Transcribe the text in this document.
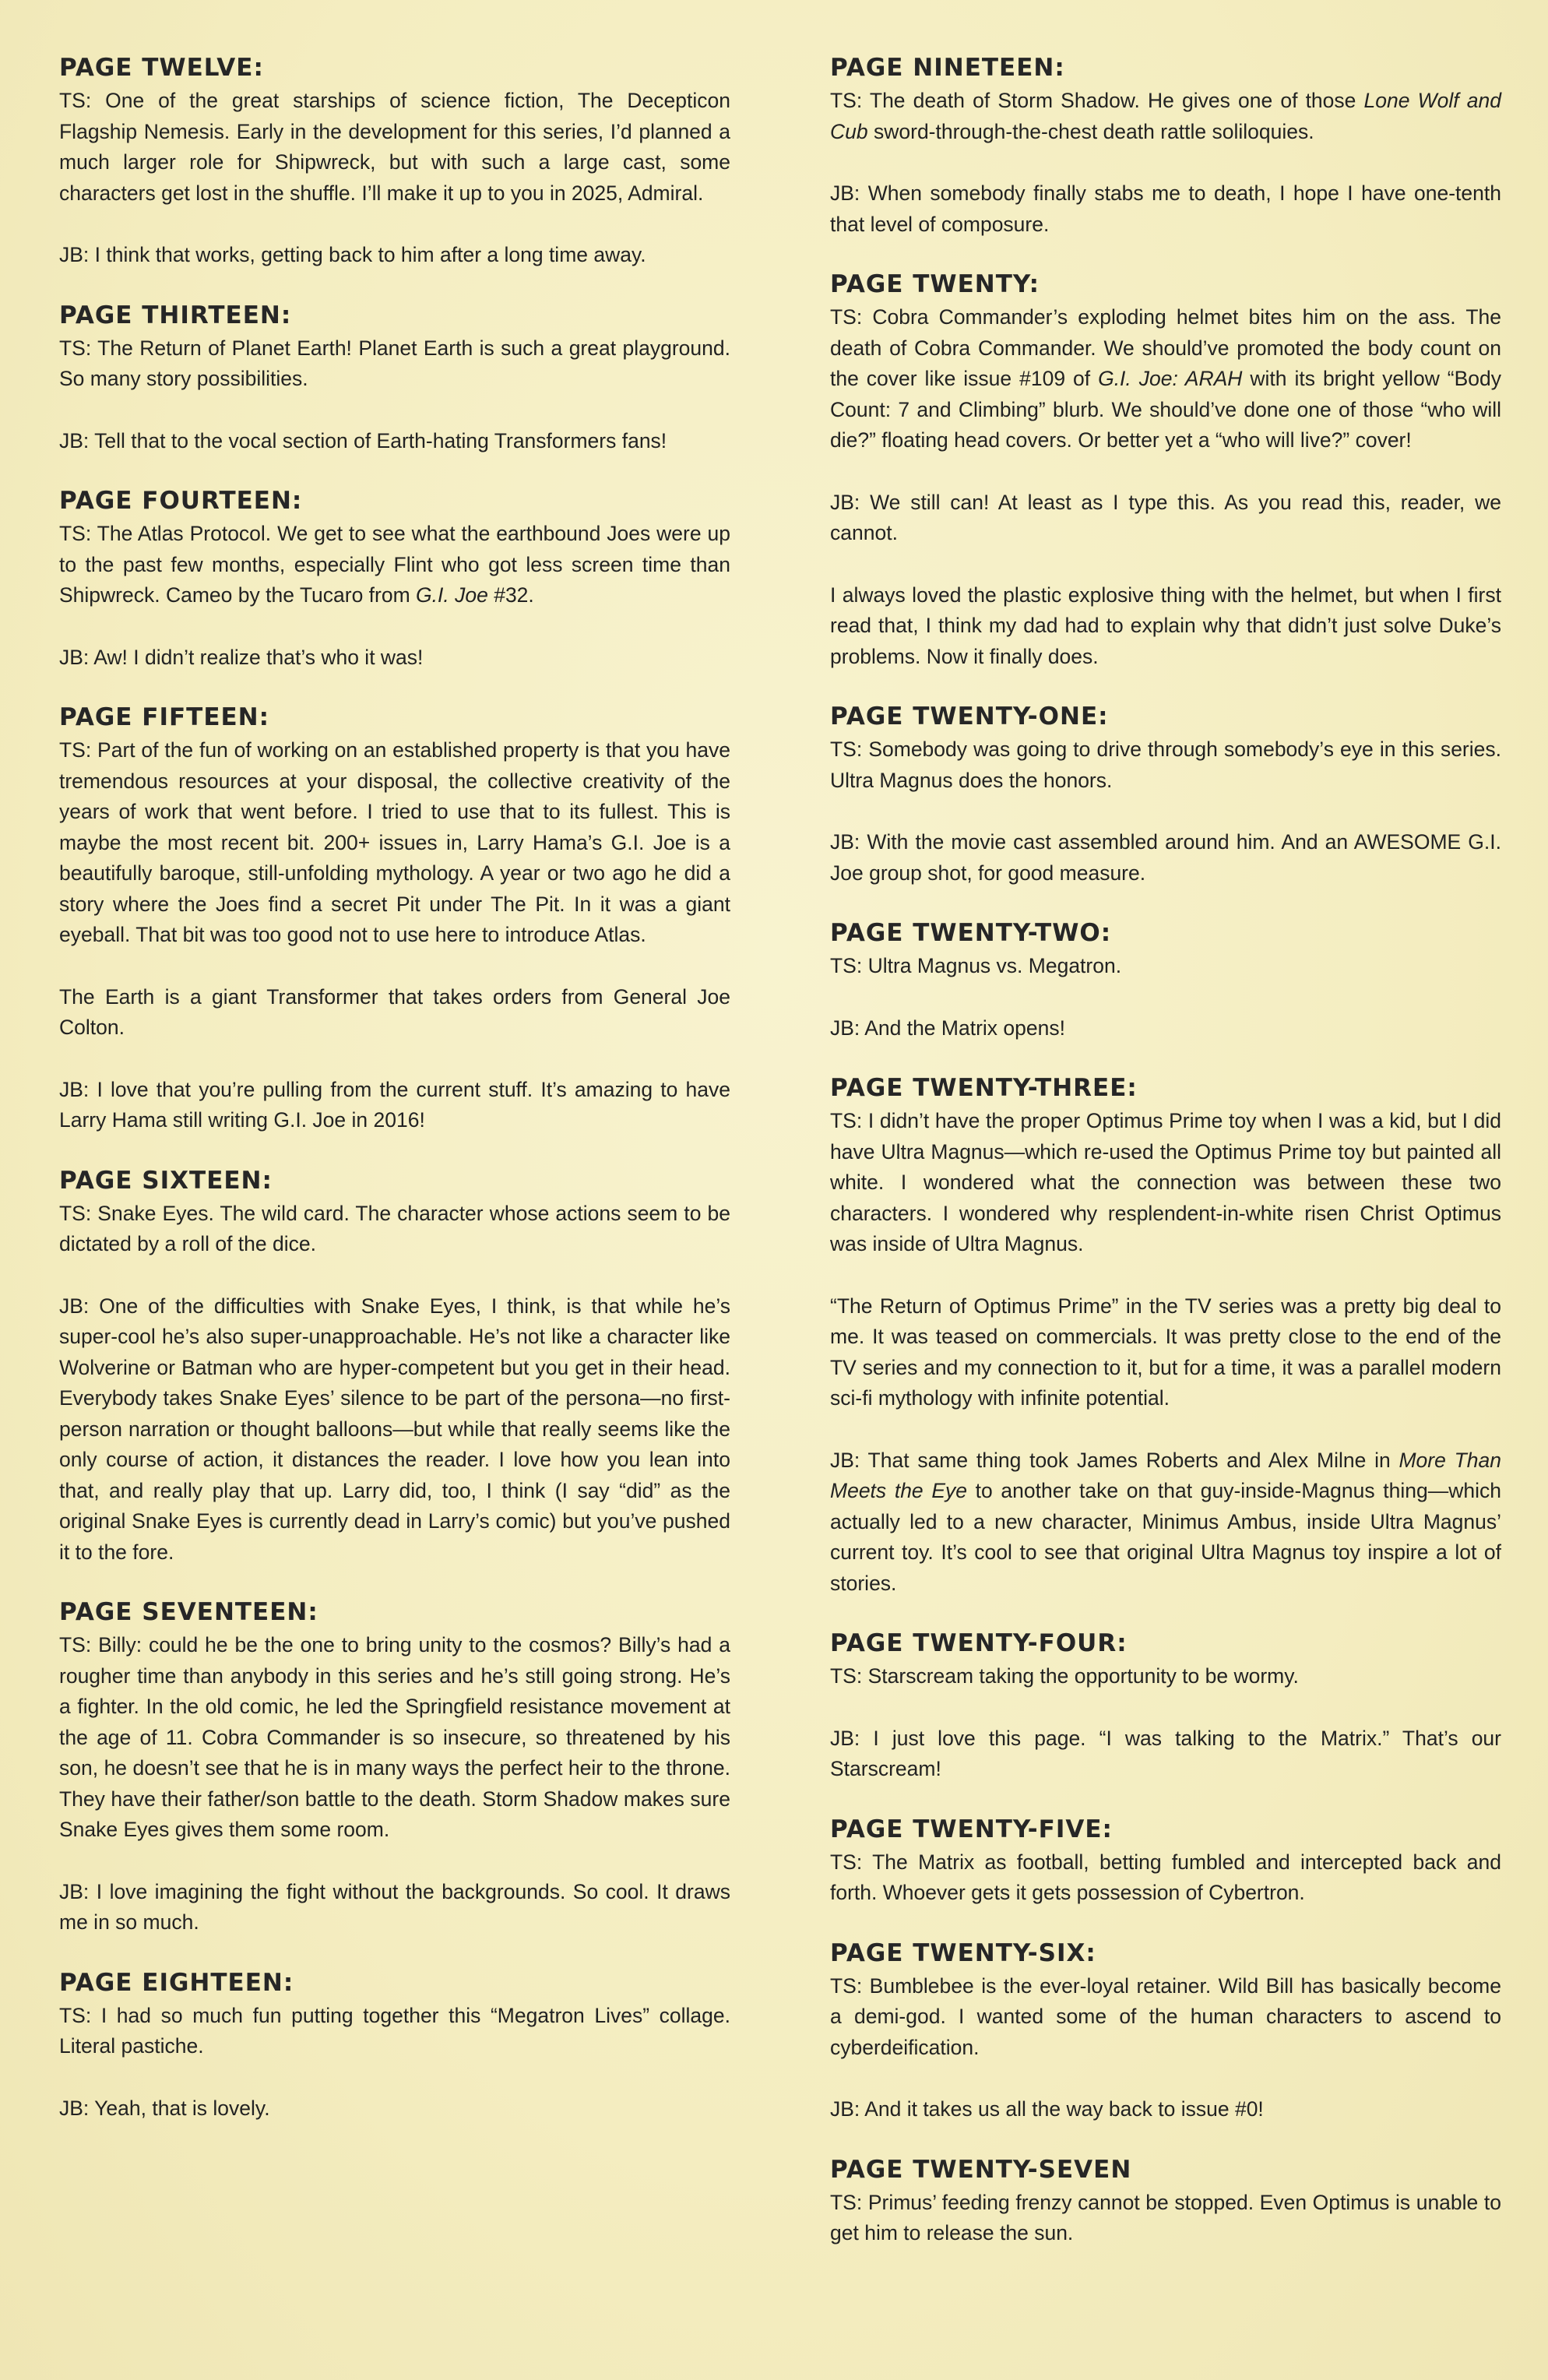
PAGE TWELVE:

TS: One of the great starships of science fiction, The Decepticon Flagship Nemesis. Early in the development for this series, I’d planned a much larger role for Shipwreck, but with such a large cast, some characters get lost in the shuffle. I’ll make it up to you in 2025, Admiral.

JB: I think that works, getting back to him after a long time away.

PAGE THIRTEEN:

TS: The Return of Planet Earth! Planet Earth is such a great playground. So many story possibilities.

JB: Tell that to the vocal section of Earth-hating Transformers fans!

PAGE FOURTEEN:

TS: The Atlas Protocol. We get to see what the earthbound Joes were up to the past few months, especially Flint who got less screen time than Shipwreck. Cameo by the Tucaro from G.I. Joe #32.

JB: Aw! I didn’t realize that’s who it was!

PAGE FIFTEEN:

TS: Part of the fun of working on an established property is that you have tremendous resources at your disposal, the collective creativity of the years of work that went before. I tried to use that to its fullest. This is maybe the most recent bit. 200+ issues in, Larry Hama’s G.I. Joe is a beautifully baroque, still-unfolding mythology. A year or two ago he did a story where the Joes find a secret Pit under The Pit. In it was a giant eyeball. That bit was too good not to use here to introduce Atlas.

The Earth is a giant Transformer that takes orders from General Joe Colton.

JB: I love that you’re pulling from the current stuff. It’s amazing to have Larry Hama still writing G.I. Joe in 2016!

PAGE SIXTEEN:

TS: Snake Eyes. The wild card. The character whose actions seem to be dictated by a roll of the dice.

JB: One of the difficulties with Snake Eyes, I think, is that while he’s super-cool he’s also super-unapproachable. He’s not like a character like Wolverine or Batman who are hyper-competent but you get in their head. Everybody takes Snake Eyes’ silence to be part of the persona—no first-person narration or thought balloons—but while that really seems like the only course of action, it distances the reader. I love how you lean into that, and really play that up. Larry did, too, I think (I say “did” as the original Snake Eyes is currently dead in Larry’s comic) but you’ve pushed it to the fore.

PAGE SEVENTEEN:

TS: Billy: could he be the one to bring unity to the cosmos? Billy’s had a rougher time than anybody in this series and he’s still going strong. He’s a fighter. In the old comic, he led the Springfield resistance movement at the age of 11. Cobra Commander is so insecure, so threatened by his son, he doesn’t see that he is in many ways the perfect heir to the throne. They have their father/son battle to the death. Storm Shadow makes sure Snake Eyes gives them some room.

JB: I love imagining the fight without the backgrounds. So cool. It draws me in so much.

PAGE EIGHTEEN:

TS: I had so much fun putting together this “Megatron Lives” collage. Literal pastiche.

JB: Yeah, that is lovely.

PAGE NINETEEN:

TS: The death of Storm Shadow. He gives one of those Lone Wolf and Cub sword-through-the-chest death rattle soliloquies.

JB: When somebody finally stabs me to death, I hope I have one-tenth that level of composure.

PAGE TWENTY:

TS: Cobra Commander’s exploding helmet bites him on the ass. The death of Cobra Commander. We should’ve promoted the body count on the cover like issue #109 of G.I. Joe: ARAH with its bright yellow “Body Count: 7 and Climbing” blurb. We should’ve done one of those “who will die?” floating head covers. Or better yet a “who will live?” cover!

JB: We still can! At least as I type this. As you read this, reader, we cannot.

I always loved the plastic explosive thing with the helmet, but when I first read that, I think my dad had to explain why that didn’t just solve Duke’s problems. Now it finally does.

PAGE TWENTY-ONE:

TS: Somebody was going to drive through somebody’s eye in this series. Ultra Magnus does the honors.

JB: With the movie cast assembled around him. And an AWESOME G.I. Joe group shot, for good measure.

PAGE TWENTY-TWO:

TS: Ultra Magnus vs. Megatron.

JB: And the Matrix opens!

PAGE TWENTY-THREE:

TS: I didn’t have the proper Optimus Prime toy when I was a kid, but I did have Ultra Magnus—which re-used the Optimus Prime toy but painted all white. I wondered what the connection was between these two characters. I wondered why resplendent-in-white risen Christ Optimus was inside of Ultra Magnus.

“The Return of Optimus Prime” in the TV series was a pretty big deal to me. It was teased on commercials. It was pretty close to the end of the TV series and my connection to it, but for a time, it was a parallel modern sci-fi mythology with infinite potential.

JB: That same thing took James Roberts and Alex Milne in More Than Meets the Eye to another take on that guy-inside-Magnus thing—which actually led to a new character, Minimus Ambus, inside Ultra Magnus’ current toy. It’s cool to see that original Ultra Magnus toy inspire a lot of stories.

PAGE TWENTY-FOUR:

TS: Starscream taking the opportunity to be wormy.

JB: I just love this page. “I was talking to the Matrix.” That’s our Starscream!

PAGE TWENTY-FIVE:

TS: The Matrix as football, betting fumbled and intercepted back and forth. Whoever gets it gets possession of Cybertron.

PAGE TWENTY-SIX:

TS: Bumblebee is the ever-loyal retainer. Wild Bill has basically become a demi-god. I wanted some of the human characters to ascend to cyberdeification.

JB: And it takes us all the way back to issue #0!

PAGE TWENTY-SEVEN

TS: Primus’ feeding frenzy cannot be stopped. Even Optimus is unable to get him to release the sun.
